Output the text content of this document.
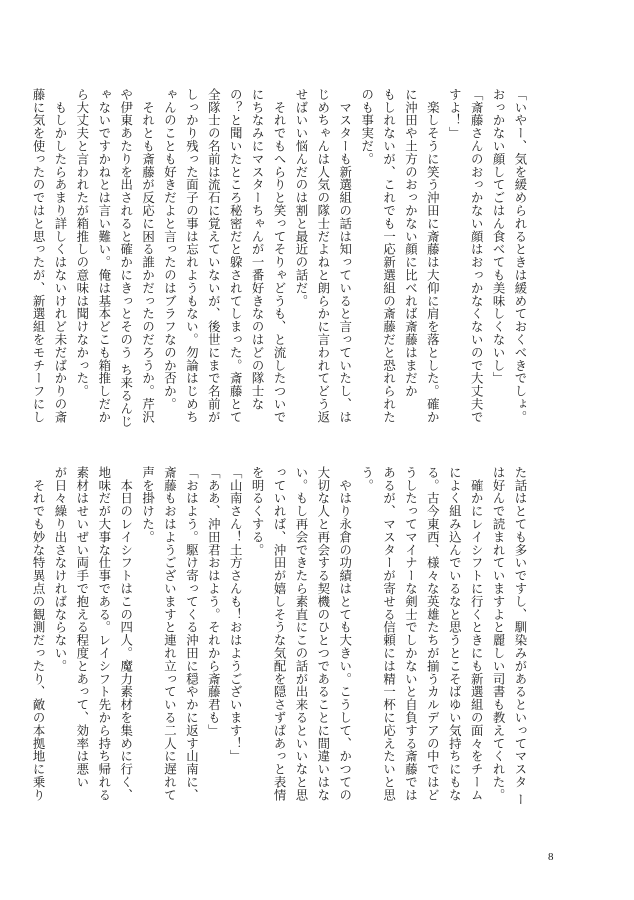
「いやー、気を緩められるときは緩めておくべきでしょ。
おっかない顔してごはん食べても美味しくないし」
「斎藤さんのおっかない顔はおっかなくないので大丈夫で
すよ！」
　楽しそうに笑う沖田に斎藤は大仰に肩を落とした。確か
に沖田や土方のおっかない顔に比べれば斎藤はまだか
もしれないが、これでも一応新選組の斎藤だと恐れられた
のも事実だ。
　マスターも新選組の話は知っていると言っていたし、は
じめちゃんは人気の隊士だよねと朗らかに言われてどう返
せばいい悩んだのは割と最近の話だ。
　それでもへらりと笑ってそりゃどうも、と流したついで
にちなみにマスターちゃんが一番好きなのはどの隊士な
の？と聞いたところ秘密だと躱されてしまった。斎藤とて
全隊士の名前は流石に覚えていないが、後世にまで名前が
しっかり残った面子の事は忘れようもない。勿論はじめち
ゃんのことも好きだよと言ったのはブラフなのか否か。
　それとも斎藤が反応に困る誰かだったのだろうか。芹沢
や伊東あたりを出されると確かにきっとそのう ち来るんじ
ゃないですかねとは言い難い。俺は基本どこも箱推しだか
ら大丈夫と言われたが箱推しの意味は聞けなかった。
　もしかしたらあまり詳しくはないけれど未だばかりの斎
藤に気を使ったのではと思ったが、新選組をモチーフにし
た話はとても多いですし、馴染みがあるといってマスタ ー
は好んで読まれていますよと麗しい司書も教えてくれた。
　確かにレイシフトに行くときにも新選組の面々をチーム
によく組み込んでいるなと思うとこそばゆい気持ちにもな
る。古今東西、様々な英雄たちが揃うカルデアの中ではど
うしたってマイナーな剣士でしかないと自負する斎藤では
あるが、マスターが寄せる信頼には精一杯に応えたいと思
う。
　やはり永倉の功績はとても大きい。こうして、かつての
大切な人と再会する契機のひとつであることに間違いはな
い。もし再会できたら素直にこの話が出来るといいなと思
っていれば、沖田が嬉しそうな気配を隠さずぱあっと表情
を明るくする。
「山南さん！土方さんも！おはようございます！」
「ああ、沖田君おはよう。それから斎藤君も」
「おはよう。駆け寄ってくる沖田に穏やかに返す山南に、
斎藤もおはようございますと連れ立っている二人に遅れて
声を掛けた。
　本日のレイシフトはこの四人。魔力素材を集めに行く、
地味だが大事な仕事である。レイシフト先から持ち帰れる
素材はせいぜい両手で抱える程度とあって、効率は悪い
が日々繰り出さなければならない。
　それでも妙な特異点の観測だったり、敵の本拠地に乗り
8
